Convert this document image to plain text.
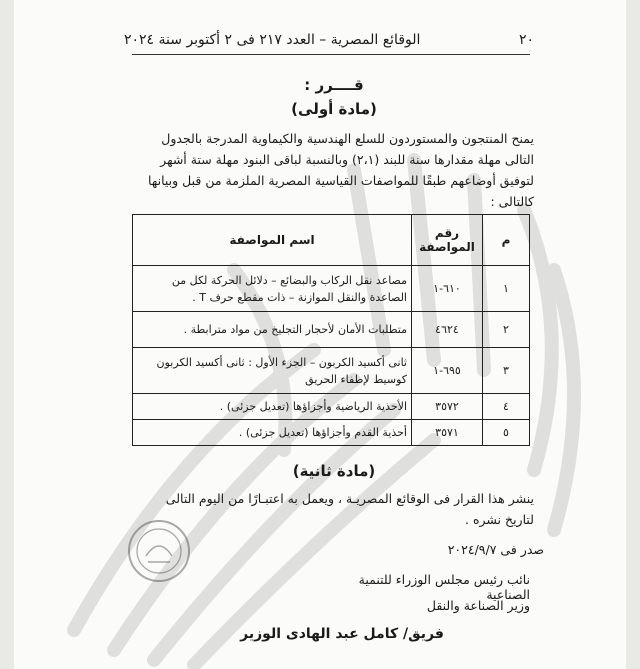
٢٠
الوقائع المصرية – العدد ٢١٧ فى ٢ أكتوبر سنة ٢٠٢٤
قــــرر :
(مادة أولى)
يمنح المنتجون والمستوردون للسلع الهندسية والكيماوية المدرجة بالجدول التالى مهلة مقدارها سنة للبند (٢،١) وبالنسبة لباقى البنود مهلة ستة أشهر لتوفيق أوضاعهم طبقًا للمواصفات القياسية المصرية الملزمة من قبل وبيانها كالتالى :
م	رقم المواصفة	اسم المواصفة
١	٦١٠-١	مصاعد نقل الركاب والبضائع – دلائل الحركة لكل من الصاعدة والنقل الموازنة – ذات مقطع حرف T .
٢	٤٦٢٤	متطلبات الأمان لأحجار التجليخ من مواد مترابطة .
٣	٦٩٥-١	ثانى أكسيد الكربون – الجزء الأول : ثانى أكسيد الكربون كوسيط لإطفاء الحريق
٤	٣٥٧٢	الأحذية الرياضية وأجزاؤها (تعديل جزئى) .
٥	٣٥٧١	أحذية القدم وأجزاؤها (تعديل جزئى) .
(مادة ثانية)
ينشر هذا القرار فى الوقائع المصريـة ، ويعمل به اعتبـارًا من اليوم التالى لتاريخ نشره .
صدر فى ٢٠٢٤/٩/٧
نائب رئيس مجلس الوزراء للتنمية الصناعية
وزير الصناعة والنقل
فريق/ كامل عبد الهادى الوزير
